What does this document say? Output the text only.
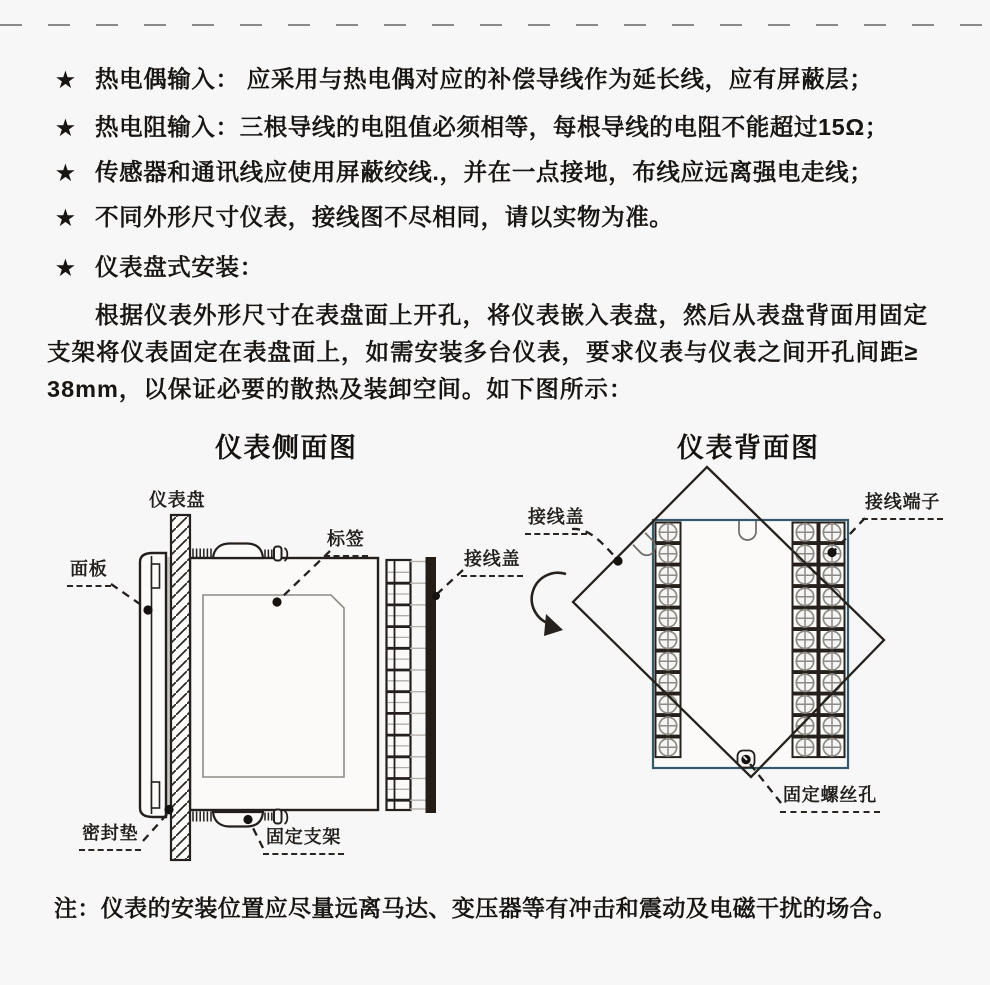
★ 热电偶输入： 应采用与热电偶对应的补偿导线作为延长线，应有屏蔽层；
★ 热电阻输入：三根导线的电阻值必须相等，每根导线的电阻不能超过15Ω；
★ 传感器和通讯线应使用屏蔽绞线.，并在一点接地，布线应远离强电走线；
★ 不同外形尺寸仪表，接线图不尽相同，请以实物为准。
★ 仪表盘式安装：
根据仪表外形尺寸在表盘面上开孔，将仪表嵌入表盘，然后从表盘背面用固定
支架将仪表固定在表盘面上，如需安装多台仪表，要求仪表与仪表之间开孔间距≥
38mm，以保证必要的散热及装卸空间。如下图所示：
仪表侧面图	仪表背面图
仪表盘
面板
标签
接线盖
密封垫	固定支架
接线盖
接线端子
固定螺丝孔
注：仪表的安装位置应尽量远离马达、变压器等有冲击和震动及电磁干扰的场合。
